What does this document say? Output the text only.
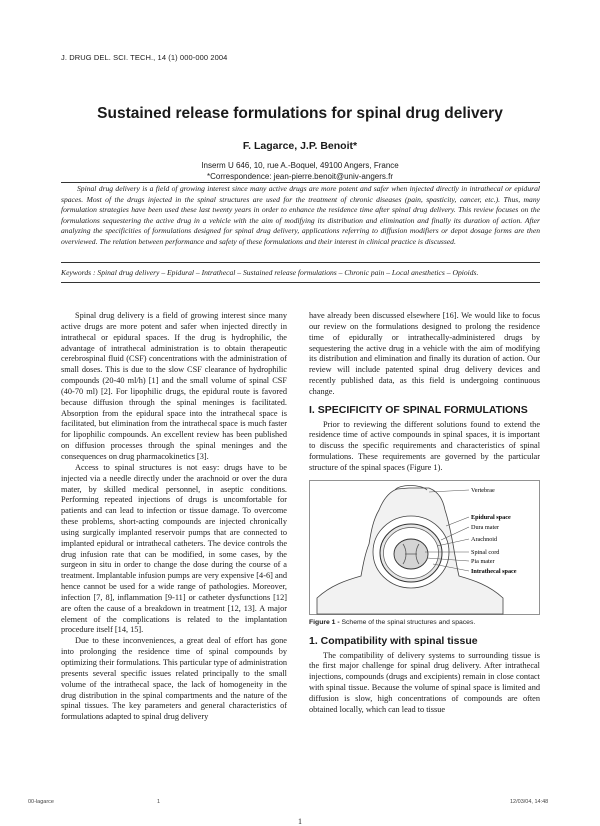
J. DRUG DEL. SCI. TECH., 14 (1) 000-000 2004
Sustained release formulations for spinal drug delivery
F. Lagarce, J.P. Benoit*
Inserm U 646, 10, rue A.-Boquel, 49100 Angers, France
*Correspondence: jean-pierre.benoit@univ-angers.fr

Spinal drug delivery is a field of growing interest since many active drugs are more potent and safer when injected directly in intrathecal or epidural spaces. Most of the drugs injected in the spinal structures are used for the treatment of chronic diseases (pain, spasticity, cancer, etc.). Thus, many formulation strategies have been used these last twenty years in order to enhance the residence time after spinal drug delivery. This review focuses on the formulations sequestering the active drug in a vehicle with the aim of modifying its distribution and elimination and finally its duration of action. After analyzing the specificities of formulations designed for spinal drug delivery, applications referring to diffusion modifiers or depot dosage forms are then overviewed. The relation between performance and safety of these formulations and their interest in clinical practice is discussed.

Keywords : Spinal drug delivery – Epidural – Intrathecal – Sustained release formulations – Chronic pain – Local anesthetics – Opioids.

Spinal drug delivery is a field of growing interest since many active drugs are more potent and safer when injected directly in intrathecal or epidural spaces. If the drug is hydrophilic, the advantage of intrathecal administration is to obtain therapeutic cerebrospinal fluid (CSF) concentrations with the administration of small doses. This is due to the slow CSF clearance of hydrophilic compounds (20-40 ml/h) [1] and the small volume of spinal CSF (40-70 ml) [2]. For lipophilic drugs, the epidural route is favored because diffusion through the spinal meninges is facilitated. Absorption from the epidural space into the intrathecal space is facilitated, but elimination from the intrathecal space is much faster for lipophilic compounds. An excellent review has been published on diffusion processes through the spinal meninges and the consequences on drug pharmacokinetics [3].

Access to spinal structures is not easy: drugs have to be injected via a needle directly under the arachnoid or over the dura mater, by skilled medical personnel, in aseptic conditions. Performing repeated injections of drugs is uncomfortable for patients and can lead to infection or tissue damage. To overcome these problems, short-acting compounds are injected chronically using surgically implanted reservoir pumps that are connected to implanted epidural or intrathecal catheters. The device controls the drug infusion rate that can be modified, in some cases, by the surgeon in situ in order to change the dose during the course of a treatment. Implantable infusion pumps are very expensive [4-6] and hence cannot be used for a wide range of pathologies. Moreover, infection [7, 8], inflammation [9-11] or catheter dysfunctions [12] are often the cause of a breakdown in treatment [12, 13]. A major element of the complications is related to the implantation procedure itself [14, 15].

Due to these inconveniences, a great deal of effort has gone into prolonging the residence time of spinal compounds by optimizing their formulations. This particular type of administration presents several specific issues related principally to the small volume of the intrathecal space, the lack of homogeneity in the drug distribution in the spinal compartments and the nature of the spinal tissues. The key parameters and general characteristics of formulations adapted to spinal drug delivery

have already been discussed elsewhere [16]. We would like to focus our review on the formulations designed to prolong the residence time of epidurally or intrathecally-administered drugs by sequestering the active drug in a vehicle with the aim of modifying its distribution and elimination and finally its duration of action. Our review will include patented spinal drug delivery devices and recently published data, as this field is undergoing continuous change.

I. SPECIFICITY OF SPINAL FORMULATIONS

Prior to reviewing the different solutions found to extend the residence time of active compounds in spinal spaces, it is important to discuss the specific requirements and characteristics of spinal formulations. These requirements are governed by the particular structure of the spinal spaces (Figure 1).

Vertebrae
Epidural space
Dura mater
Arachnoid
Spinal cord
Pia mater
Intrathecal space
Figure 1 - Scheme of the spinal structures and spaces.
1. Compatibility with spinal tissue

The compatibility of delivery systems to surrounding tissue is the first major challenge for spinal drug delivery. After intrathecal injections, compounds (drugs and excipients) remain in close contact with spinal tissue. Because the volume of spinal space is limited and diffusion is slow, high concentrations of compounds are often obtained locally, which can lead to tissue

1
00-lagarce	1	12/03/04, 14:48
